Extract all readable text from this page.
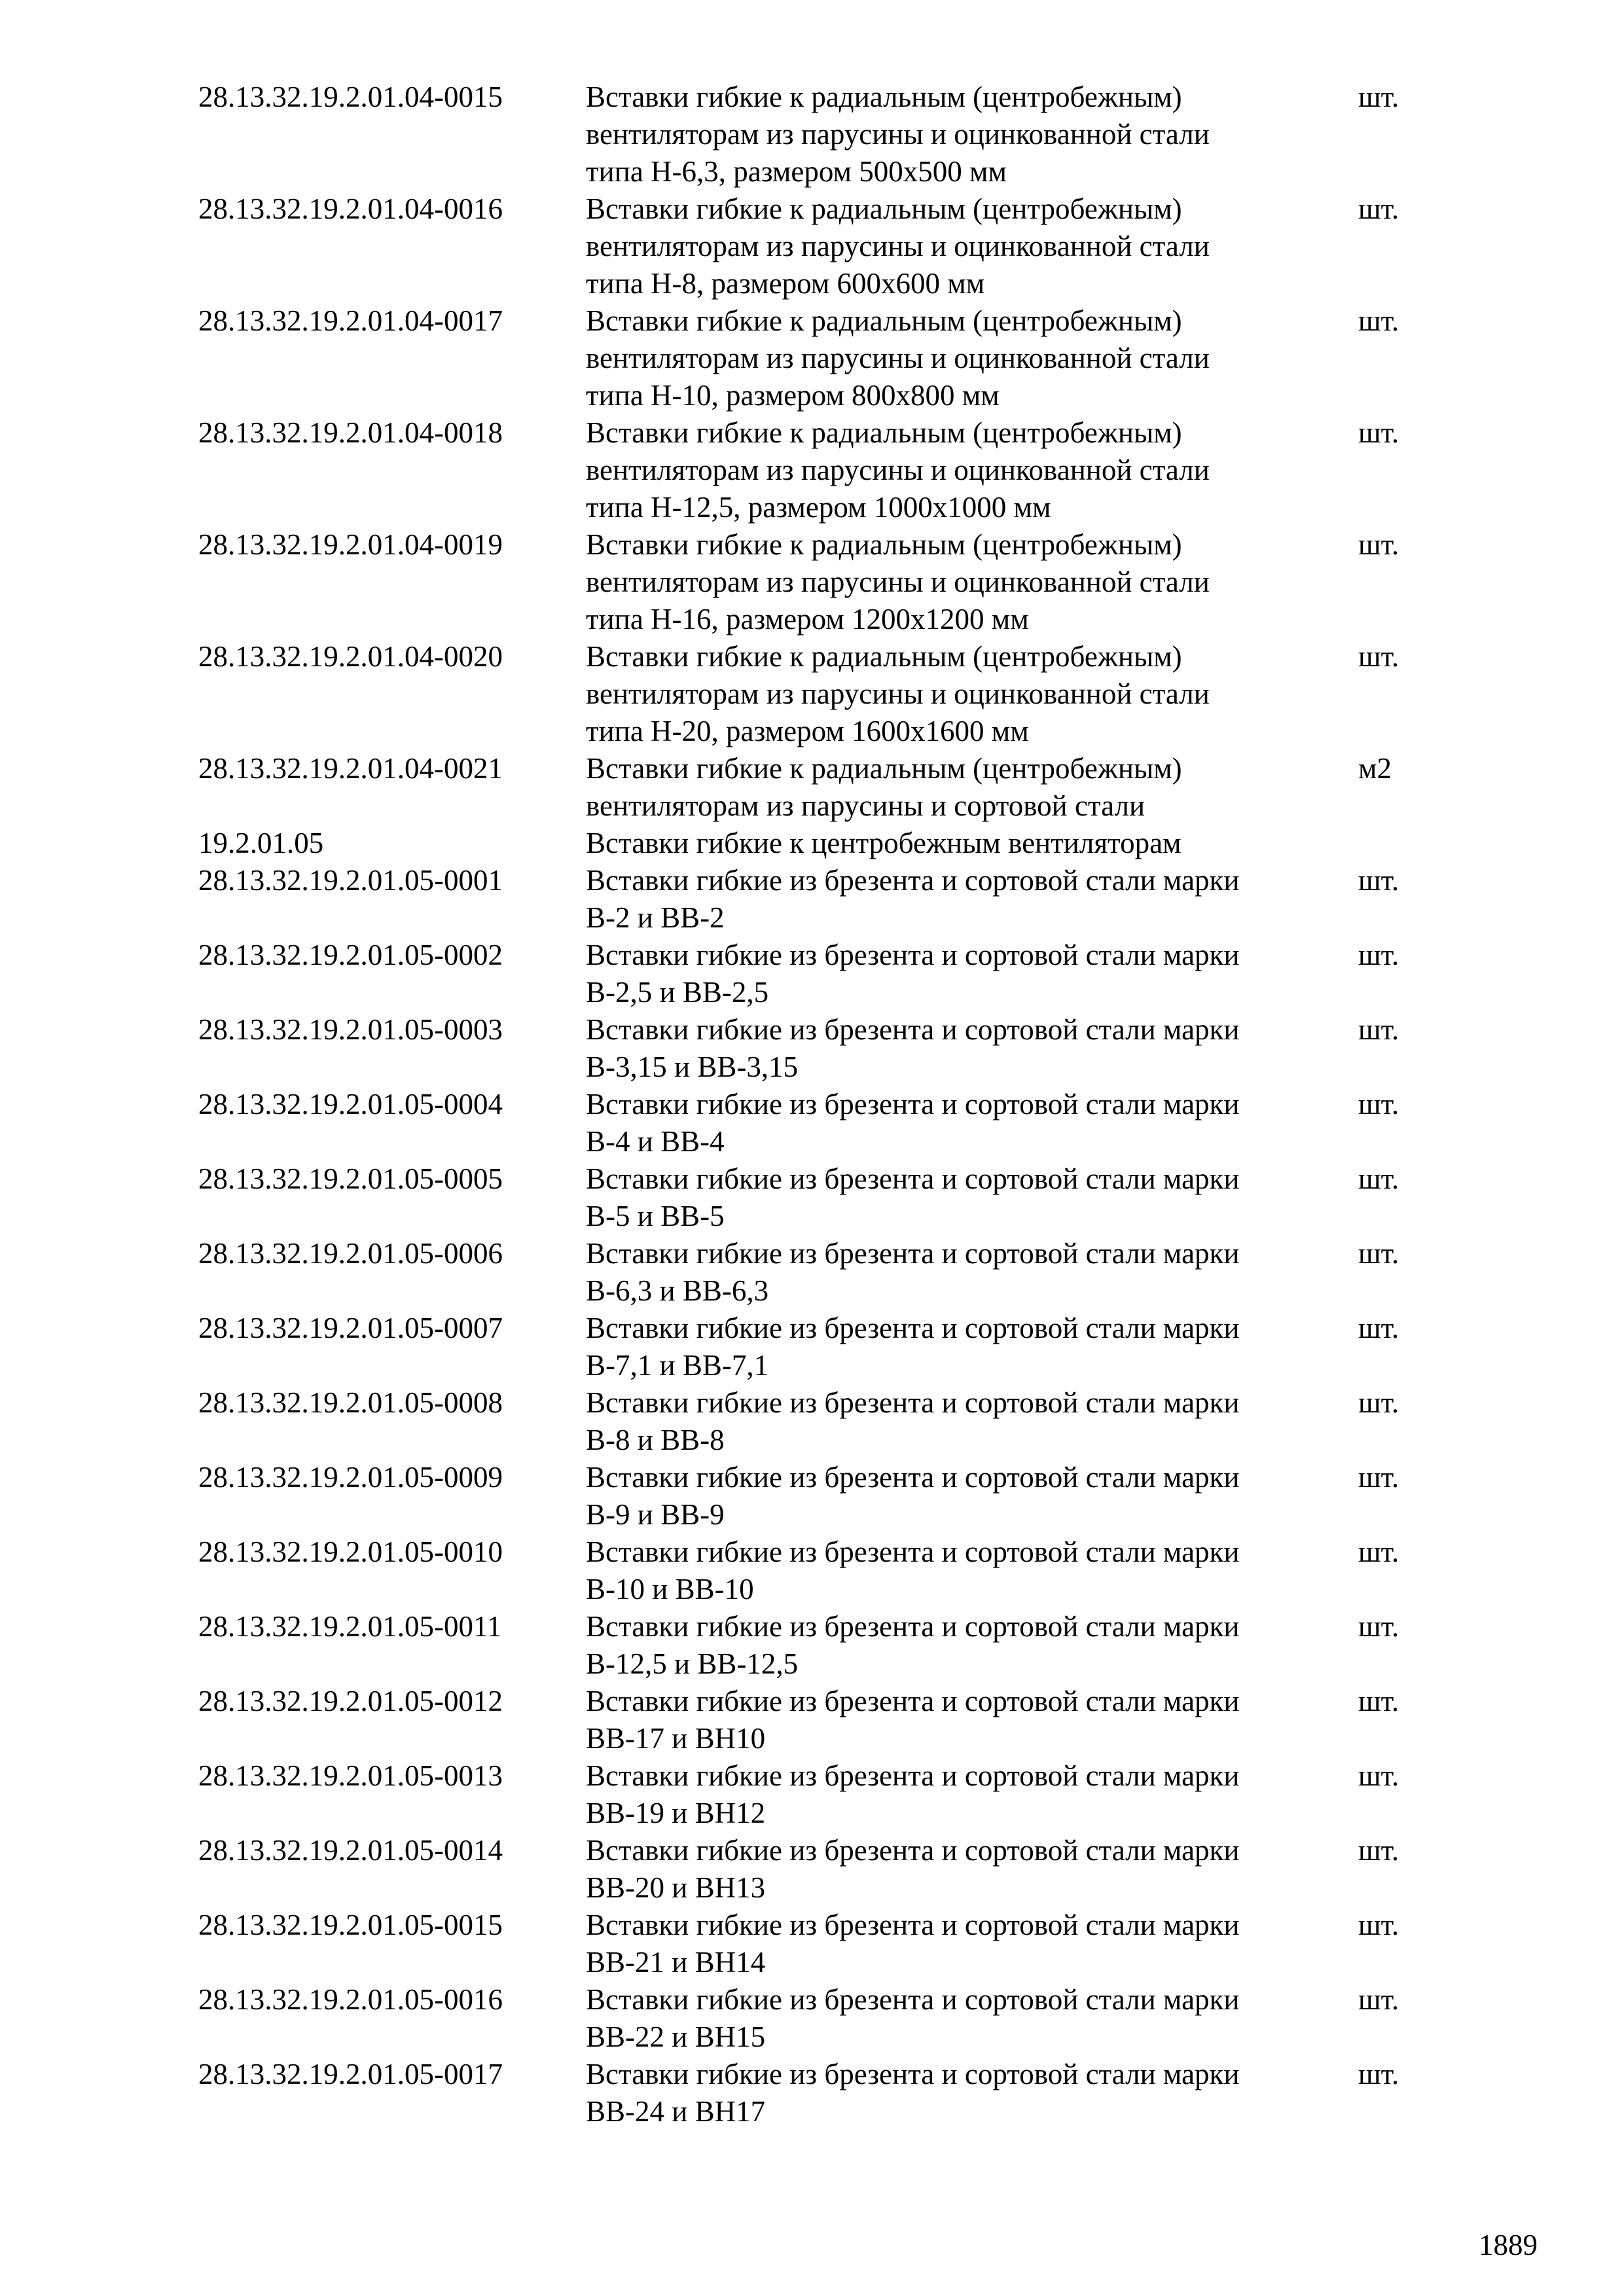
28.13.32.19.2.01.04-0015	Вставки гибкие к радиальным (центробежным)
вентиляторам из парусины и оцинкованной стали
типа Н-6,3, размером 500х500 мм
шт.
28.13.32.19.2.01.04-0016	Вставки гибкие к радиальным (центробежным)
вентиляторам из парусины и оцинкованной стали
типа Н-8, размером 600х600 мм
шт.
28.13.32.19.2.01.04-0017	Вставки гибкие к радиальным (центробежным)
вентиляторам из парусины и оцинкованной стали
типа Н-10, размером 800х800 мм
шт.
28.13.32.19.2.01.04-0018	Вставки гибкие к радиальным (центробежным)
вентиляторам из парусины и оцинкованной стали
типа Н-12,5, размером 1000х1000 мм
шт.
28.13.32.19.2.01.04-0019	Вставки гибкие к радиальным (центробежным)
вентиляторам из парусины и оцинкованной стали
типа Н-16, размером 1200х1200 мм
шт.
28.13.32.19.2.01.04-0020	Вставки гибкие к радиальным (центробежным)
вентиляторам из парусины и оцинкованной стали
типа Н-20, размером 1600х1600 мм
шт.
28.13.32.19.2.01.04-0021	Вставки гибкие к радиальным (центробежным)
вентиляторам из парусины и сортовой стали
м2
19.2.01.05	Вставки гибкие к центробежным вентиляторам
28.13.32.19.2.01.05-0001	Вставки гибкие из брезента и сортовой стали марки
В-2 и ВВ-2
шт.
28.13.32.19.2.01.05-0002	Вставки гибкие из брезента и сортовой стали марки
В-2,5 и ВВ-2,5
шт.
28.13.32.19.2.01.05-0003	Вставки гибкие из брезента и сортовой стали марки
В-3,15 и ВВ-3,15
шт.
28.13.32.19.2.01.05-0004	Вставки гибкие из брезента и сортовой стали марки
В-4 и ВВ-4
шт.
28.13.32.19.2.01.05-0005	Вставки гибкие из брезента и сортовой стали марки
В-5 и ВВ-5
шт.
28.13.32.19.2.01.05-0006	Вставки гибкие из брезента и сортовой стали марки
В-6,3 и ВВ-6,3
шт.
28.13.32.19.2.01.05-0007	Вставки гибкие из брезента и сортовой стали марки
В-7,1 и ВВ-7,1
шт.
28.13.32.19.2.01.05-0008	Вставки гибкие из брезента и сортовой стали марки
В-8 и ВВ-8
шт.
28.13.32.19.2.01.05-0009	Вставки гибкие из брезента и сортовой стали марки
В-9 и ВВ-9
шт.
28.13.32.19.2.01.05-0010	Вставки гибкие из брезента и сортовой стали марки
В-10 и ВВ-10
шт.
28.13.32.19.2.01.05-0011	Вставки гибкие из брезента и сортовой стали марки
В-12,5 и ВВ-12,5
шт.
28.13.32.19.2.01.05-0012	Вставки гибкие из брезента и сортовой стали марки
ВВ-17 и ВН10
шт.
28.13.32.19.2.01.05-0013	Вставки гибкие из брезента и сортовой стали марки
ВВ-19 и ВН12
шт.
28.13.32.19.2.01.05-0014	Вставки гибкие из брезента и сортовой стали марки
ВВ-20 и ВН13
шт.
28.13.32.19.2.01.05-0015	Вставки гибкие из брезента и сортовой стали марки
ВВ-21 и ВН14
шт.
28.13.32.19.2.01.05-0016	Вставки гибкие из брезента и сортовой стали марки
ВВ-22 и ВН15
шт.
28.13.32.19.2.01.05-0017	Вставки гибкие из брезента и сортовой стали марки
ВВ-24 и ВН17
шт.
1889
